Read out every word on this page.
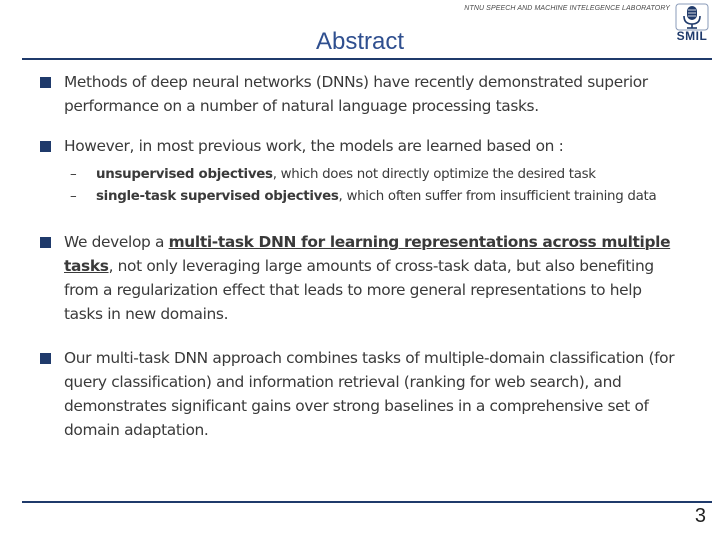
NTNU SPEECH AND MACHINE INTELEGENCE LABORATORY
SMIL
Abstract
Methods of deep neural networks (DNNs) have recently demonstrated superior performance on a number of natural language processing tasks.
However, in most previous work, the models are learned based on :
– unsupervised objectives, which does not directly optimize the desired task
– single-task supervised objectives, which often suffer from insufficient training data
We develop a multi-task DNN for learning representations across multiple tasks, not only leveraging large amounts of cross-task data, but also benefiting from a regularization effect that leads to more general representations to help tasks in new domains.
Our multi-task DNN approach combines tasks of multiple-domain classification (for query classification) and information retrieval (ranking for web search), and demonstrates significant gains over strong baselines in a comprehensive set of domain adaptation.
3
